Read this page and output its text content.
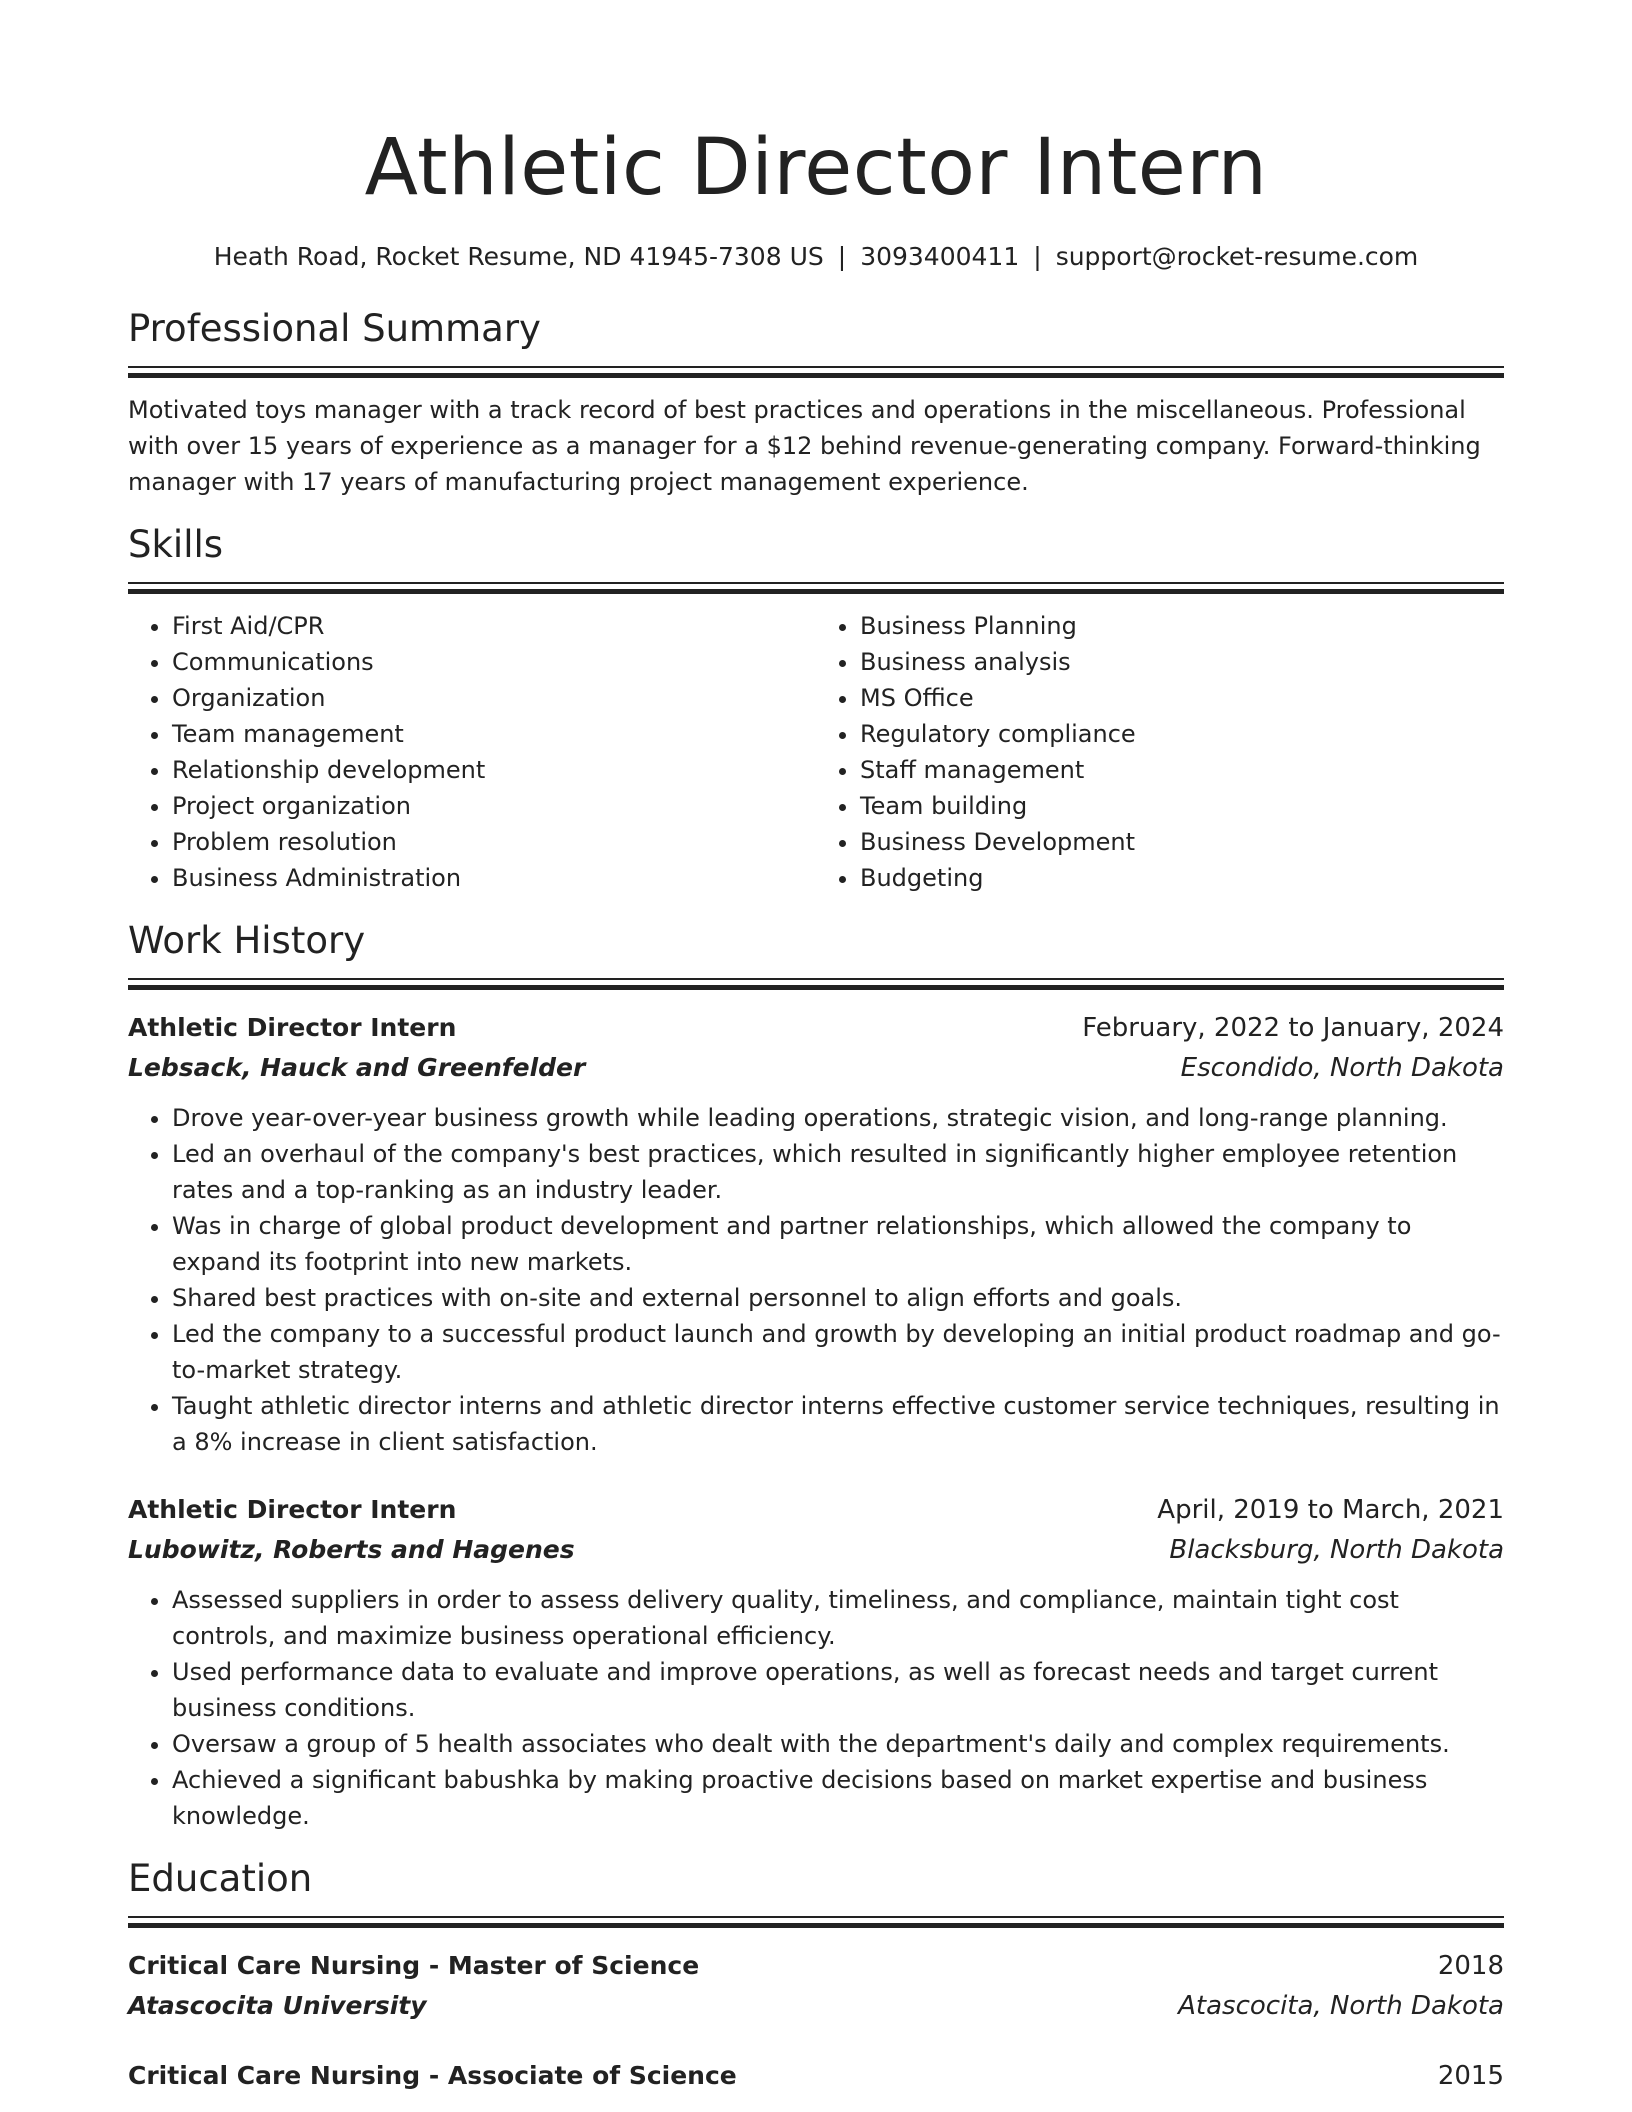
Athletic Director Intern
Heath Road, Rocket Resume, ND 41945-7308 US | 3093400411 | support@rocket-resume.com
Professional Summary

Motivated toys manager with a track record of best practices and operations in the miscellaneous. Professional with over 15 years of experience as a manager for a $12 behind revenue-generating company. Forward-thinking manager with 17 years of manufacturing project management experience.

Skills
• First Aid/CPR
• Communications
• Organization
• Team management
• Relationship development
• Project organization
• Problem resolution
• Business Administration
• Business Planning
• Business analysis
• MS Office
• Regulatory compliance
• Staff management
• Team building
• Business Development
• Budgeting
Work History
Athletic Director Intern	February, 2022 to January, 2024
Lebsack, Hauck and Greenfelder	Escondido, North Dakota
• Drove year-over-year business growth while leading operations, strategic vision, and long-range planning.
• Led an overhaul of the company's best practices, which resulted in significantly higher employee retention rates and a top-ranking as an industry leader.
• Was in charge of global product development and partner relationships, which allowed the company to expand its footprint into new markets.
• Shared best practices with on-site and external personnel to align efforts and goals.
• Led the company to a successful product launch and growth by developing an initial product roadmap and go-to-market strategy.
• Taught athletic director interns and athletic director interns effective customer service techniques, resulting in a 8% increase in client satisfaction.
Athletic Director Intern	April, 2019 to March, 2021
Lubowitz, Roberts and Hagenes	Blacksburg, North Dakota
• Assessed suppliers in order to assess delivery quality, timeliness, and compliance, maintain tight cost controls, and maximize business operational efficiency.
• Used performance data to evaluate and improve operations, as well as forecast needs and target current business conditions.
• Oversaw a group of 5 health associates who dealt with the department's daily and complex requirements.
• Achieved a significant babushka by making proactive decisions based on market expertise and business knowledge.
Education
Critical Care Nursing - Master of Science	2018
Atascocita University	Atascocita, North Dakota
Critical Care Nursing - Associate of Science	2015
